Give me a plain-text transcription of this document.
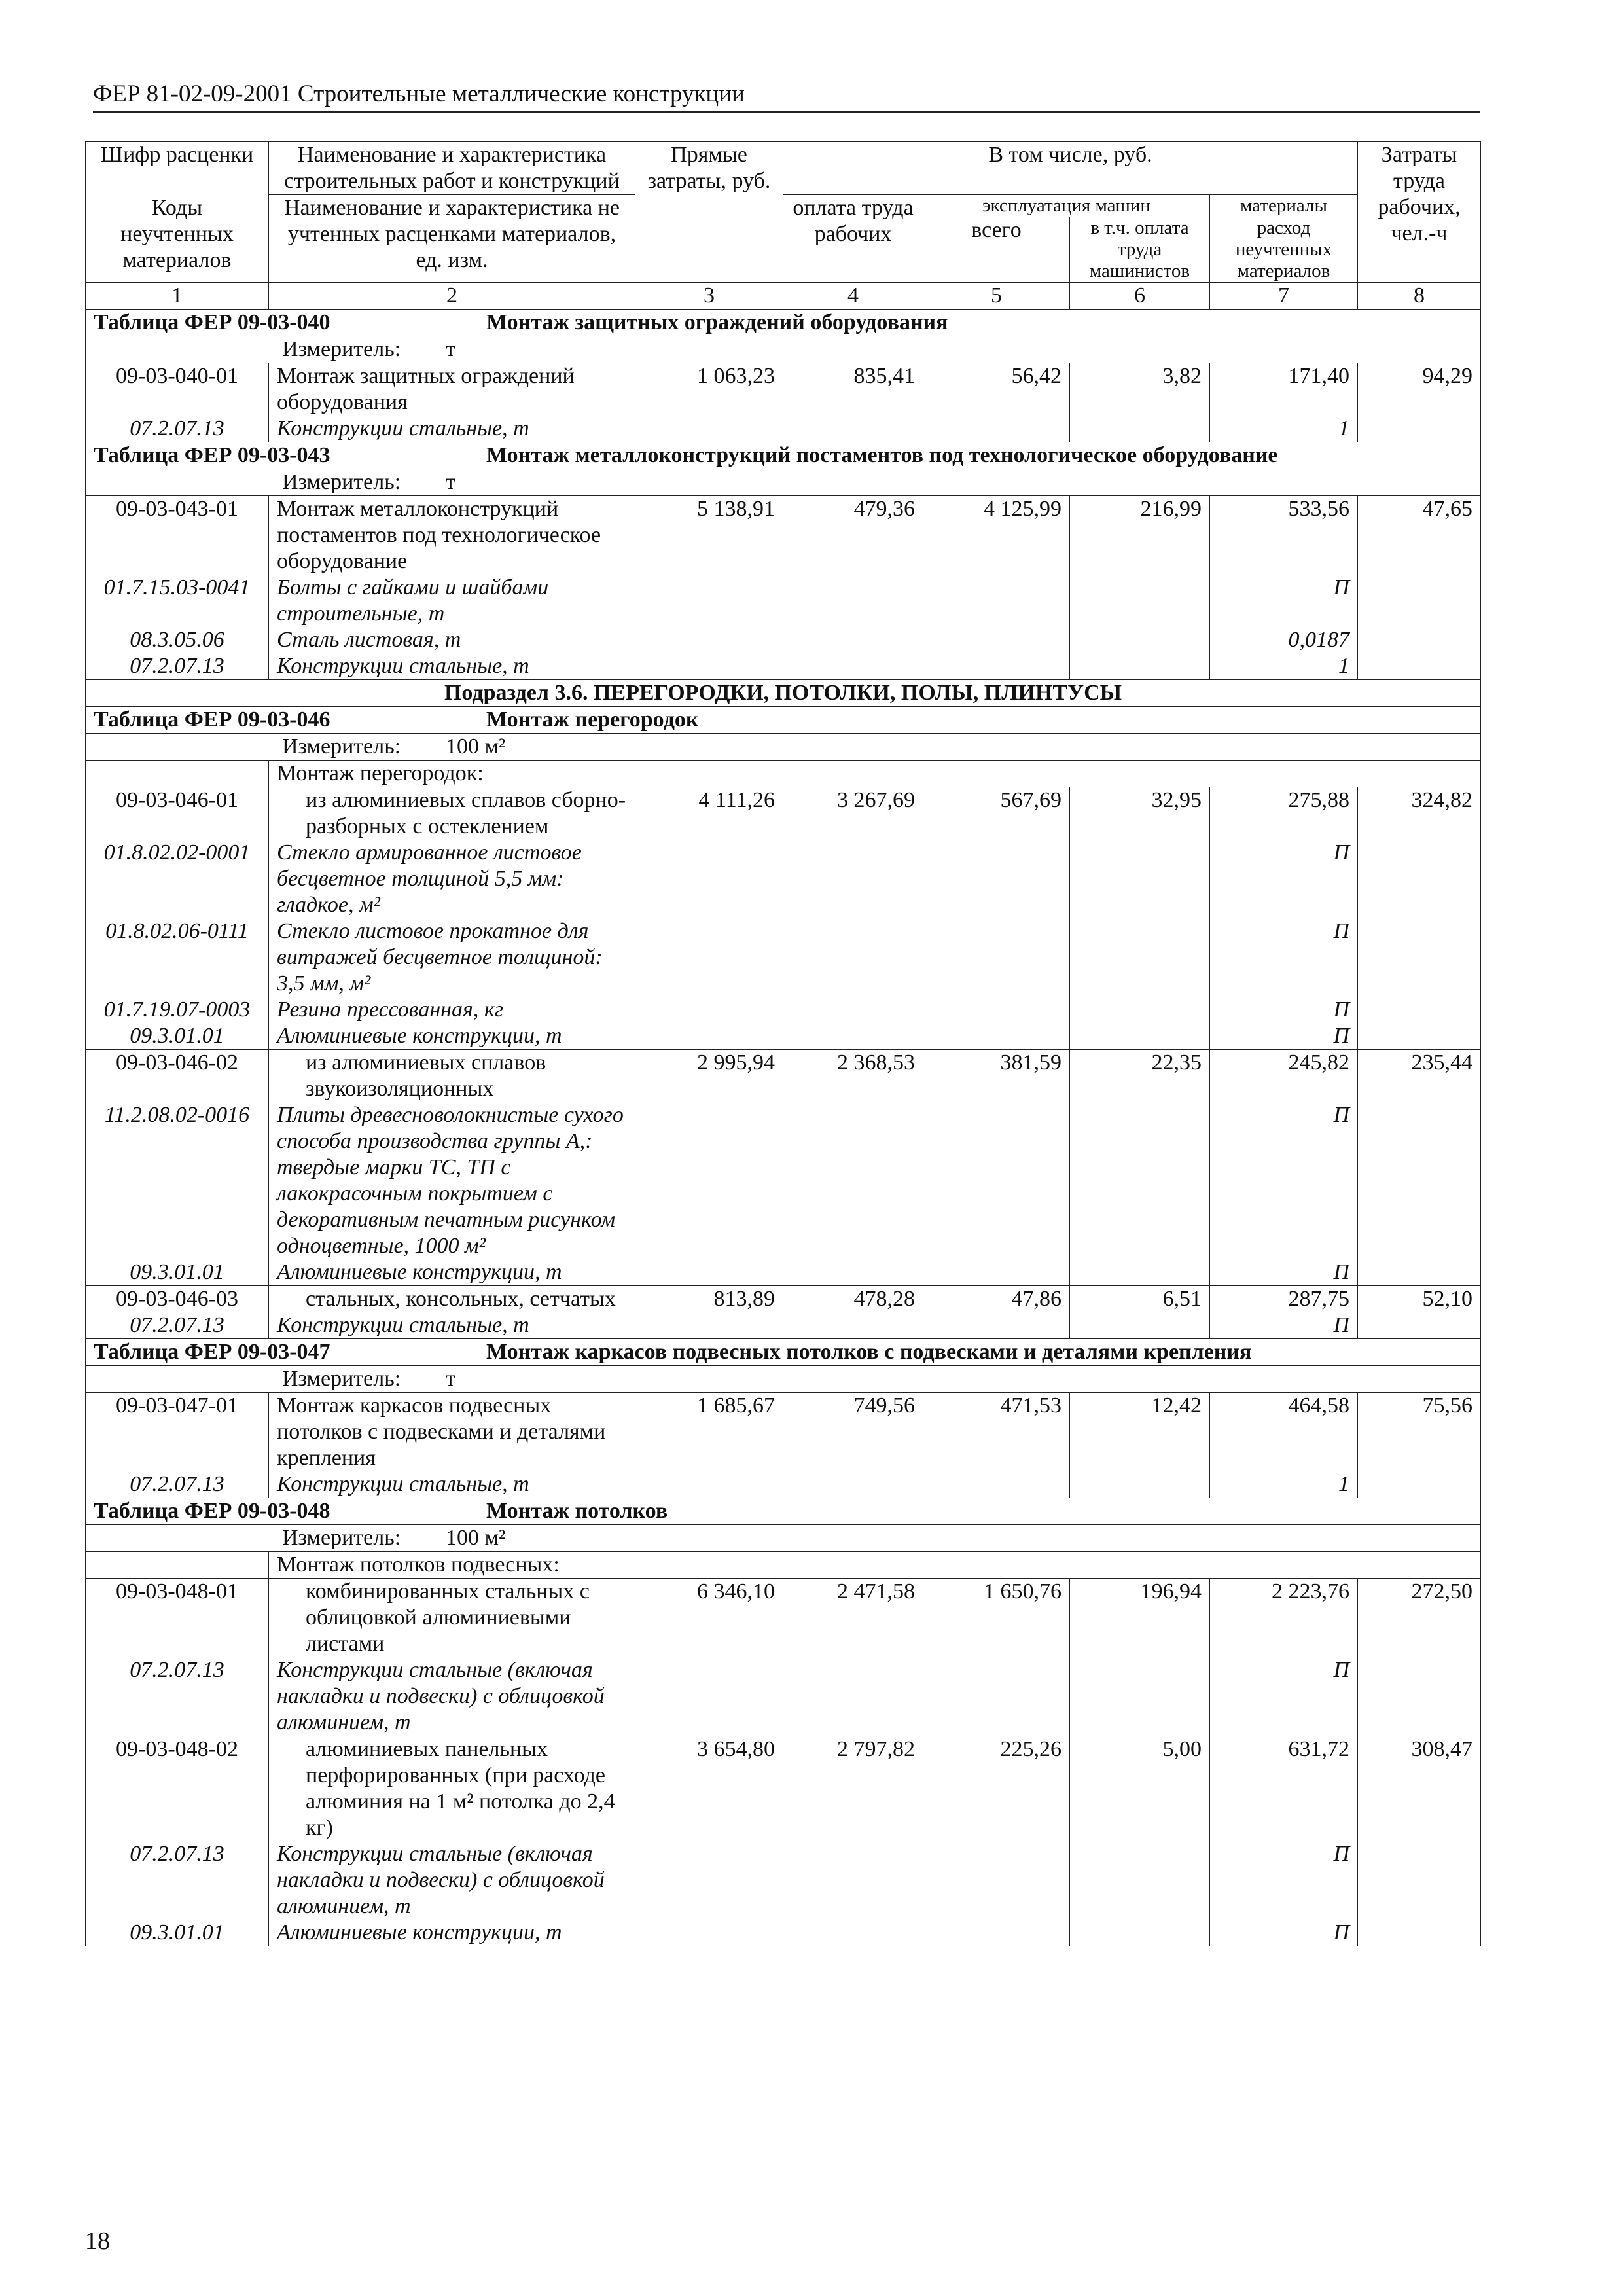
ФЕР 81-02-09-2001 Строительные металлические конструкции
Шифр расценки	Наименование и характеристика строительных работ и конструкций	Прямые затраты, руб.	В том числе, руб.				Затраты труда рабочих, чел.-ч
Коды неучтенных материалов	Наименование и характеристика не учтенных расценками материалов, ед. изм.		оплата труда рабочих	эксплуатация машин		материалы	
				всего	в т.ч. оплата труда машинистов	расход неучтенных материалов	
1	2	3	4	5	6	7	8

Таблица ФЕР 09-03-040 Монтаж защитных ограждений оборудования							

Измеритель: т							
09-03-040-01	Монтаж защитных ограждений оборудования	1 063,23	835,41	56,42	3,82	171,40	94,29
07.2.07.13	Конструкции стальные, т					1	

Таблица ФЕР 09-03-043 Монтаж металлоконструкций постаментов под технологическое оборудование							

Измеритель: т							
09-03-043-01	Монтаж металлоконструкций постаментов под технологическое оборудование	5 138,91	479,36	4 125,99	216,99	533,56	47,65
01.7.15.03-0041	Болты с гайками и шайбами строительные, т					П	
08.3.05.06	Сталь листовая, т					0,0187	
07.2.07.13	Конструкции стальные, т					1	
Подраздел 3.6. ПЕРЕГОРОДКИ, ПОТОЛКИ, ПОЛЫ, ПЛИНТУСЫ							

Таблица ФЕР 09-03-046 Монтаж перегородок							

Измеритель: 100 м²							
	Монтаж перегородок:						
09-03-046-01	из алюминиевых сплавов сборно-разборных с остеклением	4 111,26	3 267,69	567,69	32,95	275,88	324,82
01.8.02.02-0001	Стекло армированное листовое бесцветное толщиной 5,5 мм: гладкое, м²					П	
01.8.02.06-0111	Стекло листовое прокатное для витражей бесцветное толщиной: 3,5 мм, м²					П	
01.7.19.07-0003	Резина прессованная, кг					П	
09.3.01.01	Алюминиевые конструкции, т					П	
09-03-046-02	из алюминиевых сплавов звукоизоляционных	2 995,94	2 368,53	381,59	22,35	245,82	235,44
11.2.08.02-0016	Плиты древесноволокнистые сухого способа производства группы А,: твердые марки ТС, ТП с лакокрасочным покрытием с декоративным печатным рисунком одноцветные, 1000 м²					П	
09.3.01.01	Алюминиевые конструкции, т					П	
09-03-046-03	стальных, консольных, сетчатых	813,89	478,28	47,86	6,51	287,75	52,10
07.2.07.13	Конструкции стальные, т					П	

Таблица ФЕР 09-03-047 Монтаж каркасов подвесных потолков с подвесками и деталями крепления							

Измеритель: т							
09-03-047-01	Монтаж каркасов подвесных потолков с подвесками и деталями крепления	1 685,67	749,56	471,53	12,42	464,58	75,56
07.2.07.13	Конструкции стальные, т					1	

Таблица ФЕР 09-03-048 Монтаж потолков							

Измеритель: 100 м²							
	Монтаж потолков подвесных:						
09-03-048-01	комбинированных стальных с облицовкой алюминиевыми листами	6 346,10	2 471,58	1 650,76	196,94	2 223,76	272,50
07.2.07.13	Конструкции стальные (включая накладки и подвески) с облицовкой алюминием, т					П	
09-03-048-02	алюминиевых панельных перфорированных (при расходе алюминия на 1 м² потолка до 2,4 кг)	3 654,80	2 797,82	225,26	5,00	631,72	308,47
07.2.07.13	Конструкции стальные (включая накладки и подвески) с облицовкой алюминием, т					П	
09.3.01.01	Алюминиевые конструкции, т					П	
18
